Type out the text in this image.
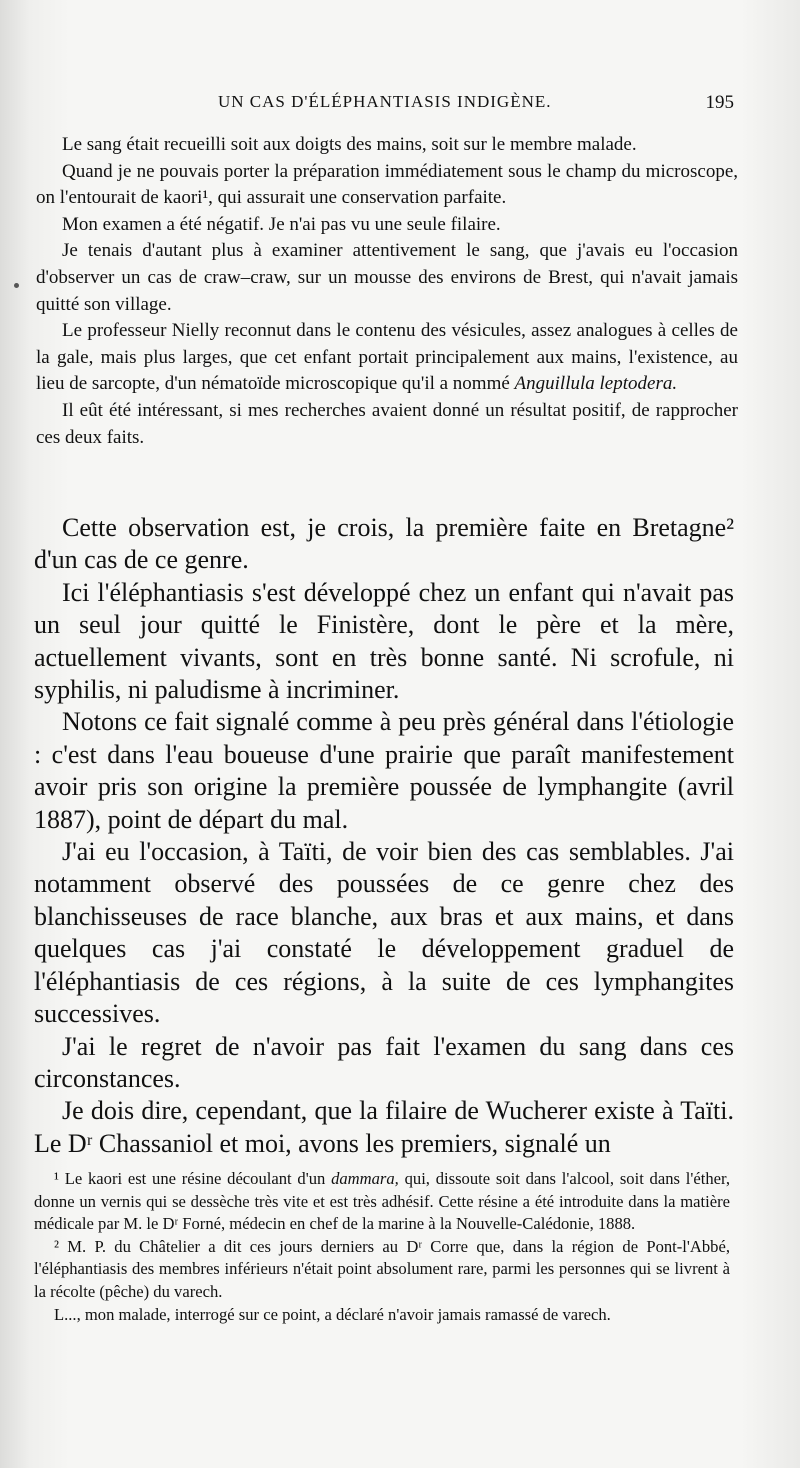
UN CAS D'ÉLÉPHANTIASIS INDIGÈNE.	195

Le sang était recueilli soit aux doigts des mains, soit sur le membre malade.

Quand je ne pouvais porter la préparation immédiatement sous le champ du microscope, on l'entourait de kaori¹, qui assurait une conservation parfaite.

Mon examen a été négatif. Je n'ai pas vu une seule filaire.

Je tenais d'autant plus à examiner attentivement le sang, que j'avais eu l'occasion d'observer un cas de craw–craw, sur un mousse des environs de Brest, qui n'avait jamais quitté son village.

Le professeur Nielly reconnut dans le contenu des vésicules, assez analogues à celles de la gale, mais plus larges, que cet enfant portait principalement aux mains, l'existence, au lieu de sarcopte, d'un nématoïde microscopique qu'il a nommé Anguillula leptodera.

Il eût été intéressant, si mes recherches avaient donné un résultat positif, de rapprocher ces deux faits.

Cette observation est, je crois, la première faite en Bretagne² d'un cas de ce genre.

Ici l'éléphantiasis s'est développé chez un enfant qui n'avait pas un seul jour quitté le Finistère, dont le père et la mère, actuellement vivants, sont en très bonne santé. Ni scrofule, ni syphilis, ni paludisme à incriminer.

Notons ce fait signalé comme à peu près général dans l'étiologie : c'est dans l'eau boueuse d'une prairie que paraît manifestement avoir pris son origine la première poussée de lymphangite (avril 1887), point de départ du mal.

J'ai eu l'occasion, à Taïti, de voir bien des cas semblables. J'ai notamment observé des poussées de ce genre chez des blanchisseuses de race blanche, aux bras et aux mains, et dans quelques cas j'ai constaté le développement graduel de l'éléphantiasis de ces régions, à la suite de ces lymphangites successives.

J'ai le regret de n'avoir pas fait l'examen du sang dans ces circonstances.

Je dois dire, cependant, que la filaire de Wucherer existe à Taïti. Le Dʳ Chassaniol et moi, avons les premiers, signalé un

¹ Le kaori est une résine découlant d'un dammara, qui, dissoute soit dans l'alcool, soit dans l'éther, donne un vernis qui se dessèche très vite et est très adhésif. Cette résine a été introduite dans la matière médicale par M. le Dʳ Forné, médecin en chef de la marine à la Nouvelle-Calédonie, 1888.

² M. P. du Châtelier a dit ces jours derniers au Dʳ Corre que, dans la région de Pont-l'Abbé, l'éléphantiasis des membres inférieurs n'était point absolument rare, parmi les personnes qui se livrent à la récolte (pêche) du varech.

L..., mon malade, interrogé sur ce point, a déclaré n'avoir jamais ramassé de varech.
